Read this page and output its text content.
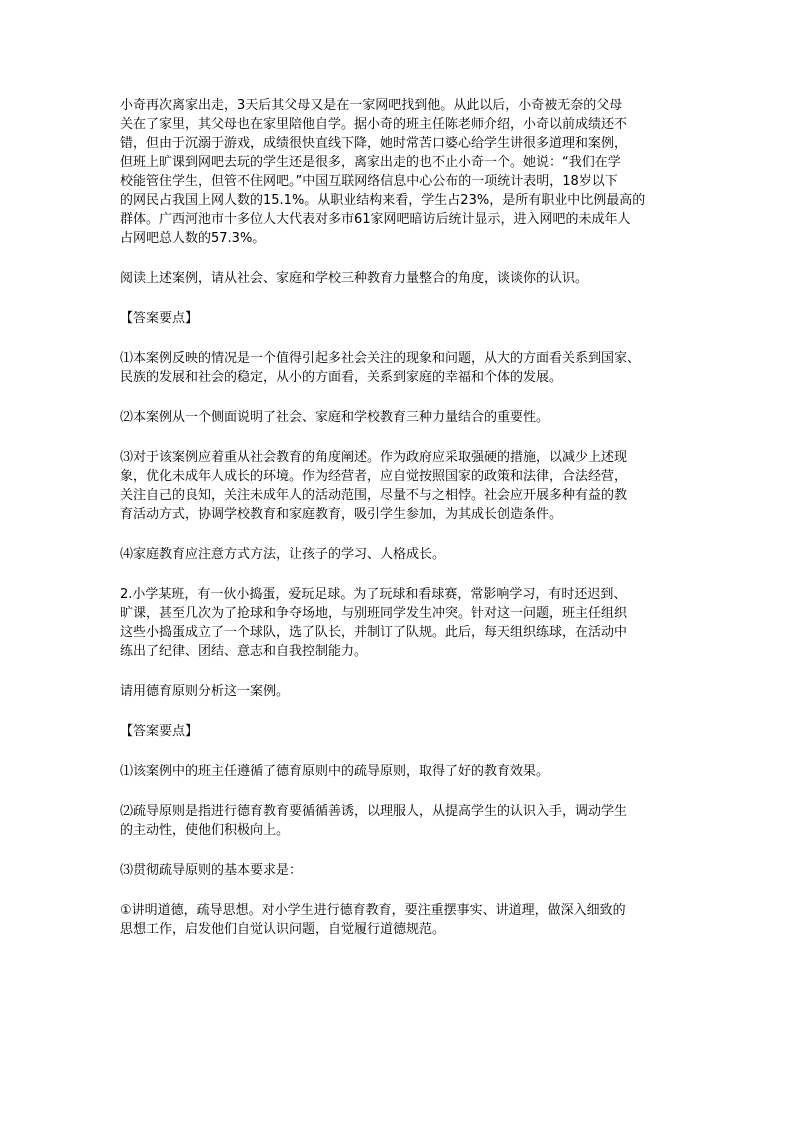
小奇再次离家出走，3天后其父母又是在一家网吧找到他。从此以后，小奇被无奈的父母
关在了家里，其父母也在家里陪他自学。据小奇的班主任陈老师介绍，小奇以前成绩还不
错，但由于沉溺于游戏，成绩很快直线下降，她时常苦口婆心给学生讲很多道理和案例，
但班上旷课到网吧去玩的学生还是很多，离家出走的也不止小奇一个。她说：“我们在学
校能管住学生，但管不住网吧。”中国互联网络信息中心公布的一项统计表明，18岁以下
的网民占我国上网人数的15.1%。从职业结构来看，学生占23%，是所有职业中比例最高的
群体。广西河池市十多位人大代表对多市61家网吧暗访后统计显示，进入网吧的未成年人
占网吧总人数的57.3%。
阅读上述案例，请从社会、家庭和学校三种教育力量整合的角度，谈谈你的认识。
【答案要点】
⑴本案例反映的情况是一个值得引起多社会关注的现象和问题，从大的方面看关系到国家、
民族的发展和社会的稳定，从小的方面看，关系到家庭的幸福和个体的发展。
⑵本案例从一个侧面说明了社会、家庭和学校教育三种力量结合的重要性。
⑶对于该案例应着重从社会教育的角度阐述。作为政府应采取强硬的措施，以减少上述现
象，优化未成年人成长的环境。作为经营者，应自觉按照国家的政策和法律，合法经营，
关注自己的良知，关注未成年人的活动范围，尽量不与之相悖。社会应开展多种有益的教
育活动方式，协调学校教育和家庭教育，吸引学生参加，为其成长创造条件。
⑷家庭教育应注意方式方法，让孩子的学习、人格成长。
2.小学某班，有一伙小捣蛋，爱玩足球。为了玩球和看球赛，常影响学习，有时还迟到、
旷课，甚至几次为了抢球和争夺场地，与别班同学发生冲突。针对这一问题，班主任组织
这些小捣蛋成立了一个球队，选了队长，并制订了队规。此后，每天组织练球，在活动中
练出了纪律、团结、意志和自我控制能力。
请用德育原则分析这一案例。
【答案要点】
⑴该案例中的班主任遵循了德育原则中的疏导原则，取得了好的教育效果。
⑵疏导原则是指进行德育教育要循循善诱，以理服人，从提高学生的认识入手，调动学生
的主动性，使他们积极向上。
⑶贯彻疏导原则的基本要求是：
①讲明道德，疏导思想。对小学生进行德育教育，要注重摆事实、讲道理，做深入细致的
思想工作，启发他们自觉认识问题，自觉履行道德规范。
